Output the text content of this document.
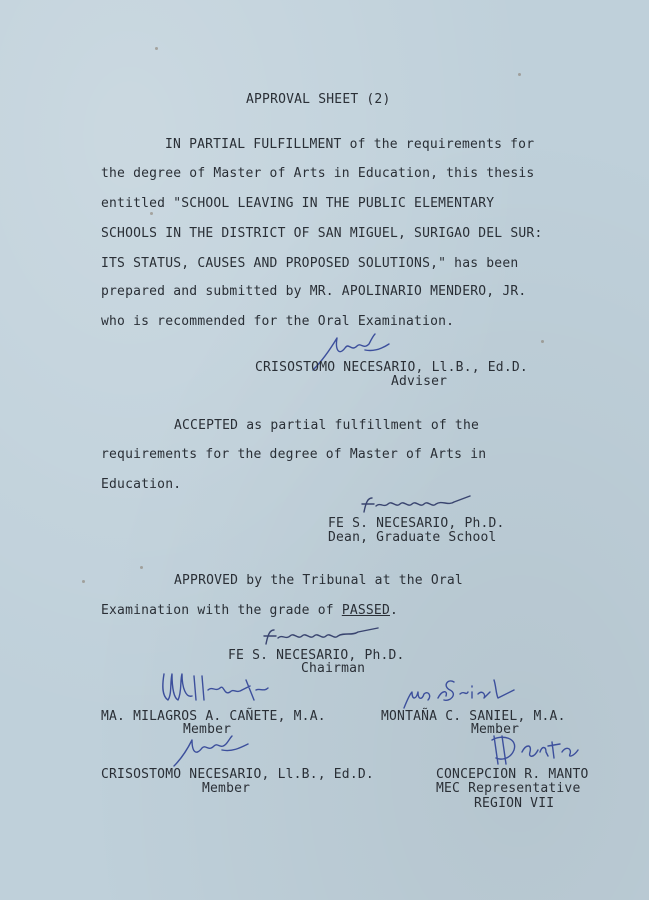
APPROVAL SHEET (2)
IN PARTIAL FULFILLMENT of the requirements for
the degree of Master of Arts in Education, this thesis
entitled "SCHOOL LEAVING IN THE PUBLIC ELEMENTARY
SCHOOLS IN THE DISTRICT OF SAN MIGUEL, SURIGAO DEL SUR:
ITS STATUS, CAUSES AND PROPOSED SOLUTIONS," has been
prepared and submitted by MR. APOLINARIO MENDERO, JR.
who is recommended for the Oral Examination.
CRISOSTOMO NECESARIO, Ll.B., Ed.D.
Adviser
ACCEPTED as partial fulfillment of the
requirements for the degree of Master of Arts in
Education.
FE S. NECESARIO, Ph.D.
Dean, Graduate School
APPROVED by the Tribunal at the Oral
Examination with the grade of PASSED.
FE S. NECESARIO, Ph.D.
Chairman
MA. MILAGROS A. CAÑETE, M.A.
Member
MONTAÑA C. SANIEL, M.A.
Member
CRISOSTOMO NECESARIO, Ll.B., Ed.D.
Member
CONCEPCION R. MANTO
MEC Representative
REGION VII
